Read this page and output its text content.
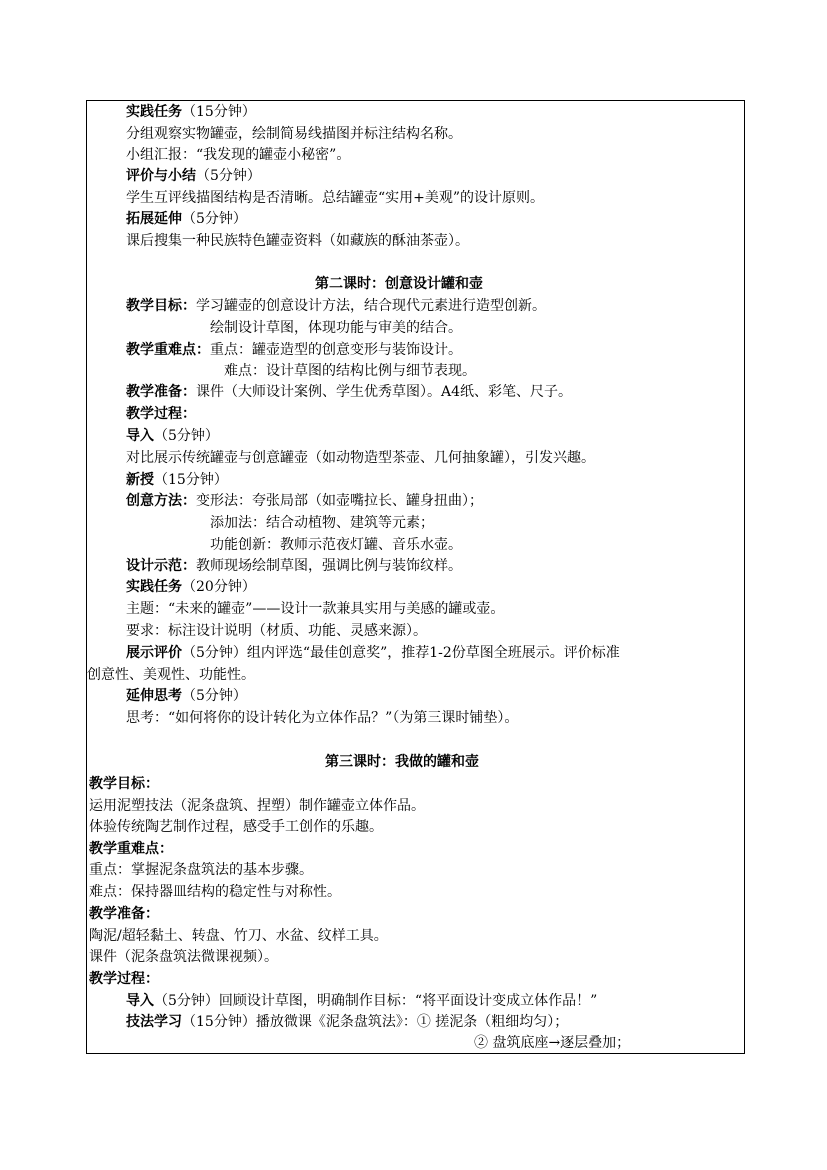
实践任务（15分钟）
分组观察实物罐壶，绘制简易线描图并标注结构名称。
小组汇报：“我发现的罐壶小秘密”。
评价与小结（5分钟）
学生互评线描图结构是否清晰。总结罐壶“实用+美观”的设计原则。
拓展延伸（5分钟）
课后搜集一种民族特色罐壶资料（如藏族的酥油茶壶）。
第二课时：创意设计罐和壶
教学目标：学习罐壶的创意设计方法，结合现代元素进行造型创新。
绘制设计草图，体现功能与审美的结合。
教学重难点：重点：罐壶造型的创意变形与装饰设计。
难点：设计草图的结构比例与细节表现。
教学准备：课件（大师设计案例、学生优秀草图）。A4纸、彩笔、尺子。
教学过程：
导入（5分钟）
对比展示传统罐壶与创意罐壶（如动物造型茶壶、几何抽象罐），引发兴趣。
新授（15分钟）
创意方法：变形法：夸张局部（如壶嘴拉长、罐身扭曲）；
添加法：结合动植物、建筑等元素；
功能创新：教师示范夜灯罐、音乐水壶。
设计示范：教师现场绘制草图，强调比例与装饰纹样。
实践任务（20分钟）
主题：“未来的罐壶”——设计一款兼具实用与美感的罐或壶。
要求：标注设计说明（材质、功能、灵感来源）。
展示评价（5分钟）组内评选“最佳创意奖”，推荐1-2份草图全班展示。评价标准
创意性、美观性、功能性。
延伸思考（5分钟）
思考：“如何将你的设计转化为立体作品？”（为第三课时铺垫）。
第三课时：我做的罐和壶
教学目标：
运用泥塑技法（泥条盘筑、捏塑）制作罐壶立体作品。
体验传统陶艺制作过程，感受手工创作的乐趣。
教学重难点：
重点：掌握泥条盘筑法的基本步骤。
难点：保持器皿结构的稳定性与对称性。
教学准备：
陶泥/超轻黏土、转盘、竹刀、水盆、纹样工具。
课件（泥条盘筑法微课视频）。
教学过程：
导入（5分钟）回顾设计草图，明确制作目标：“将平面设计变成立体作品！”
技法学习（15分钟）播放微课《泥条盘筑法》：① 搓泥条（粗细均匀）；
② 盘筑底座→逐层叠加；
